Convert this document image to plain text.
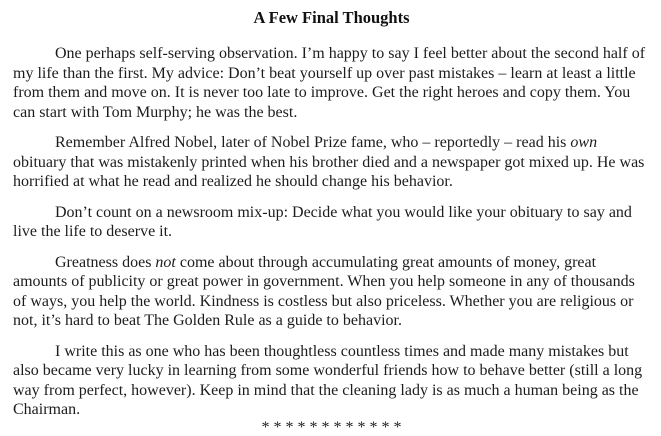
A Few Final Thoughts

One perhaps self-serving observation. I’m happy to say I feel better about the second half of my life than the first. My advice: Don’t beat yourself up over past mistakes – learn at least a little from them and move on. It is never too late to improve. Get the right heroes and copy them. You can start with Tom Murphy; he was the best.

Remember Alfred Nobel, later of Nobel Prize fame, who – reportedly – read his own obituary that was mistakenly printed when his brother died and a newspaper got mixed up. He was horrified at what he read and realized he should change his behavior.

Don’t count on a newsroom mix-up: Decide what you would like your obituary to say and live the life to deserve it.

Greatness does not come about through accumulating great amounts of money, great amounts of publicity or great power in government. When you help someone in any of thousands of ways, you help the world. Kindness is costless but also priceless. Whether you are religious or not, it’s hard to beat The Golden Rule as a guide to behavior.

I write this as one who has been thoughtless countless times and made many mistakes but also became very lucky in learning from some wonderful friends how to behave better (still a long way from perfect, however). Keep in mind that the cleaning lady is as much a human being as the Chairman.

* * * * * * * * * * * *
